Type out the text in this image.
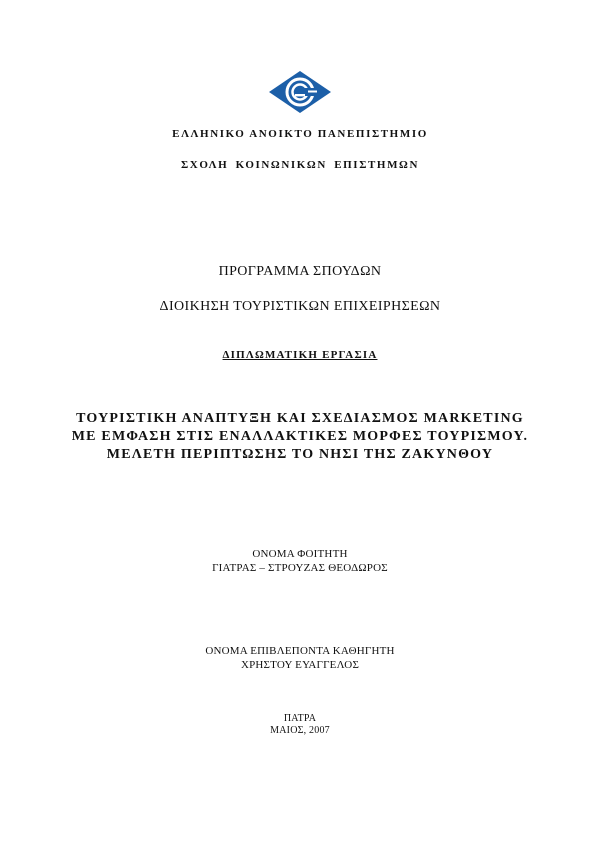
ΕΛΛΗΝΙΚΟ ΑΝΟΙΚΤΟ ΠΑΝΕΠΙΣΤΗΜΙΟ
ΣΧΟΛΗ ΚΟΙΝΩΝΙΚΩΝ ΕΠΙΣΤΗΜΩΝ
ΠΡΟΓΡΑΜΜΑ ΣΠΟΥΔΩΝ
ΔΙΟΙΚΗΣΗ ΤΟΥΡΙΣΤΙΚΩΝ ΕΠΙΧΕΙΡΗΣΕΩΝ
ΔΙΠΛΩΜΑΤΙΚΗ ΕΡΓΑΣΙΑ
ΤΟΥΡΙΣΤΙΚΗ ΑΝΑΠΤΥΞΗ ΚΑΙ ΣΧΕΔΙΑΣΜΟΣ MARKETING
ΜΕ ΕΜΦΑΣΗ ΣΤΙΣ ΕΝΑΛΛΑΚΤΙΚΕΣ ΜΟΡΦΕΣ ΤΟΥΡΙΣΜΟΥ.
ΜΕΛΕΤΗ ΠΕΡΙΠΤΩΣΗΣ ΤΟ ΝΗΣΙ ΤΗΣ ΖΑΚΥΝΘΟΥ
ΟΝΟΜΑ ΦΟΙΤΗΤΗ
ΓΙΑΤΡΑΣ – ΣΤΡΟΥΖΑΣ ΘΕΟΔΩΡΟΣ
ΟΝΟΜΑ ΕΠΙΒΛΕΠΟΝΤΑ ΚΑΘΗΓΗΤΗ
ΧΡΗΣΤΟΥ ΕΥΑΓΓΕΛΟΣ
ΠΑΤΡΑ
ΜΑΙΟΣ, 2007
